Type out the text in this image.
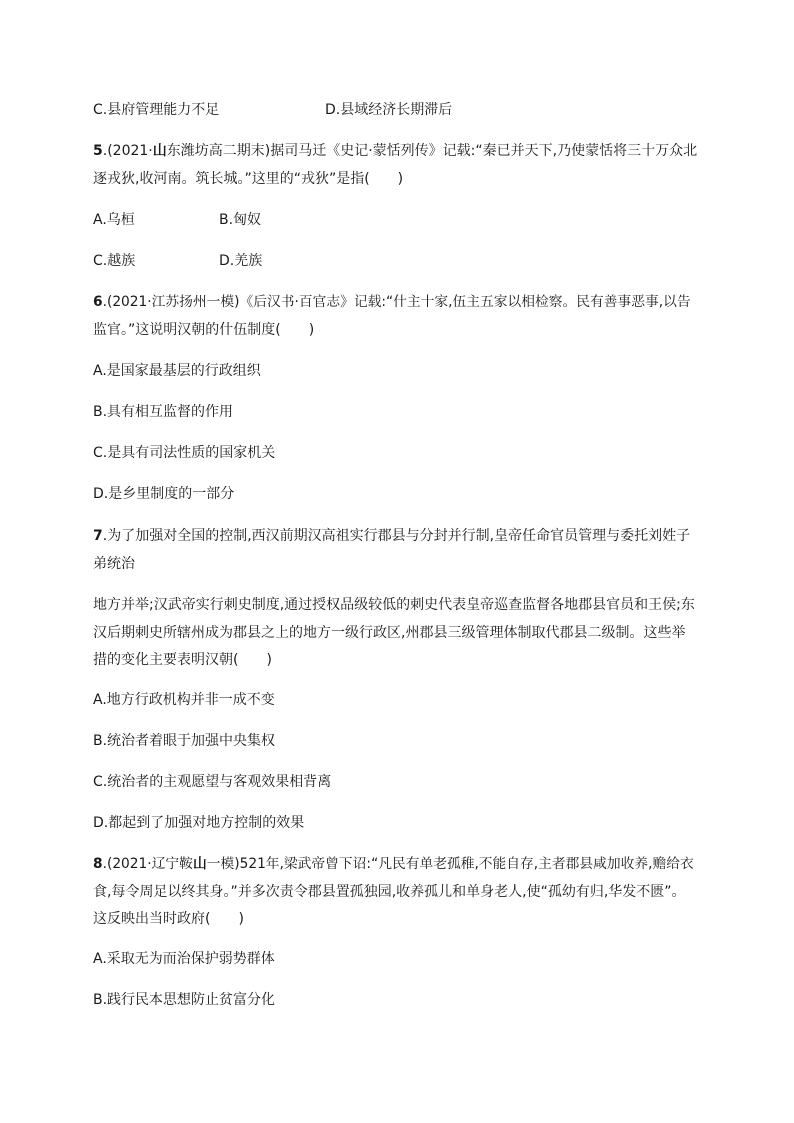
C.县府管理能力不足	D.县域经济长期滞后
5.(2021·山东潍坊高二期末)据司马迁《史记·蒙恬列传》记载:“秦已并天下,乃使蒙恬将三十万众北
逐戎狄,收河南。筑长城。”这里的“戎狄”是指(　　)
A.乌桓	B.匈奴
C.越族	D.羌族
6.(2021·江苏扬州一模)《后汉书·百官志》记载:“什主十家,伍主五家以相检察。民有善事恶事,以告
监官。”这说明汉朝的什伍制度(　　)
A.是国家最基层的行政组织
B.具有相互监督的作用
C.是具有司法性质的国家机关
D.是乡里制度的一部分
7.为了加强对全国的控制,西汉前期汉高祖实行郡县与分封并行制,皇帝任命官员管理与委托刘姓子
弟统治
地方并举;汉武帝实行刺史制度,通过授权品级较低的刺史代表皇帝巡查监督各地郡县官员和王侯;东
汉后期刺史所辖州成为郡县之上的地方一级行政区,州郡县三级管理体制取代郡县二级制。这些举
措的变化主要表明汉朝(　　)
A.地方行政机构并非一成不变
B.统治者着眼于加强中央集权
C.统治者的主观愿望与客观效果相背离
D.都起到了加强对地方控制的效果
8.(2021·辽宁鞍山一模)521年,梁武帝曾下诏:“凡民有单老孤稚,不能自存,主者郡县咸加收养,赡给衣
食,每令周足以终其身。”并多次责令郡县置孤独园,收养孤儿和单身老人,使“孤幼有归,华发不匮”。
这反映出当时政府(　　)
A.采取无为而治保护弱势群体
B.践行民本思想防止贫富分化
